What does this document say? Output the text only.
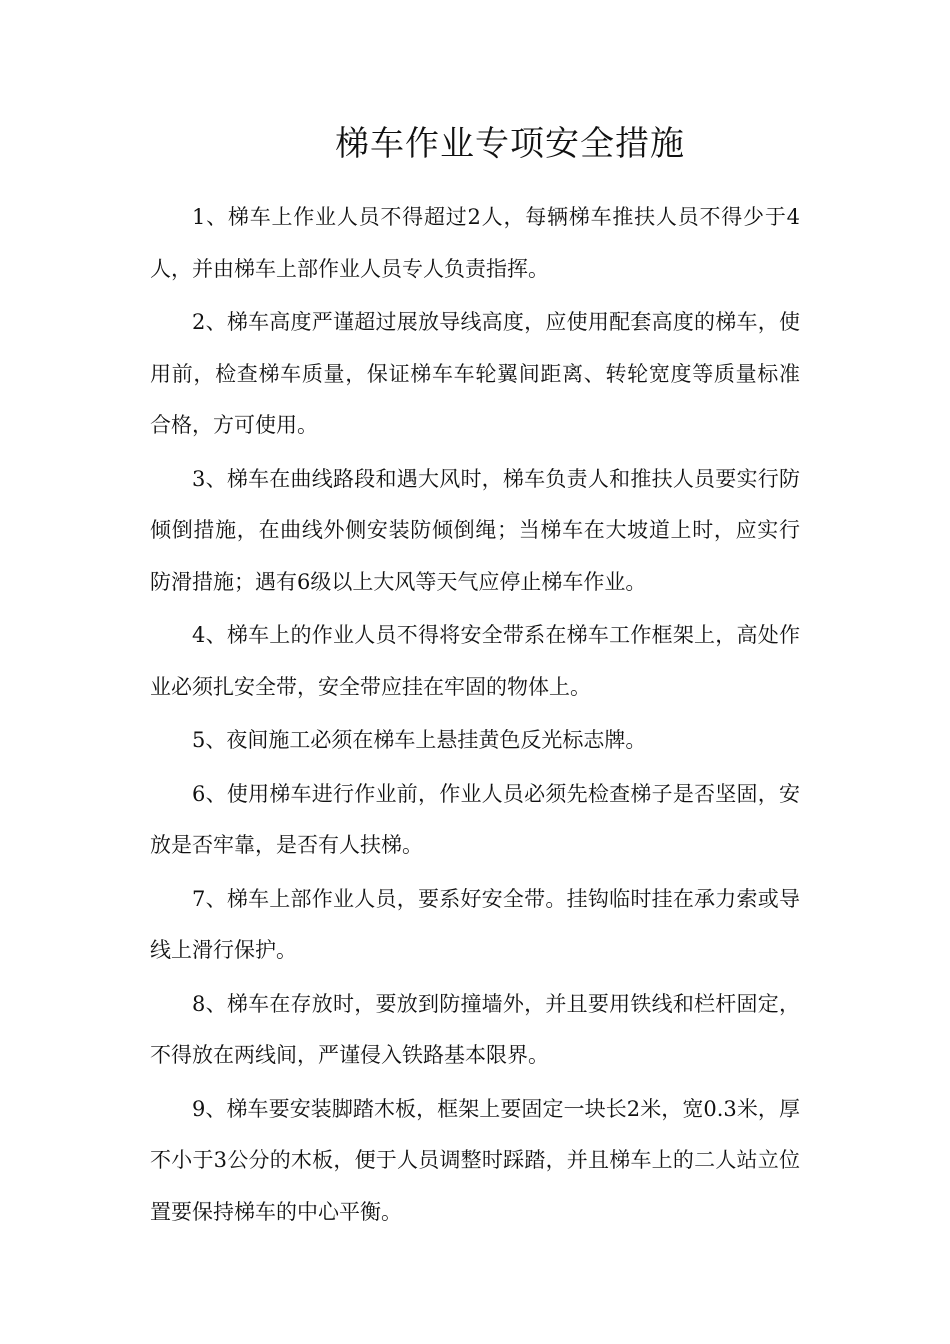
梯车作业专项安全措施

1、梯车上作业人员不得超过2人，每辆梯车推扶人员不得少于4人，并由梯车上部作业人员专人负责指挥。

2、梯车高度严谨超过展放导线高度，应使用配套高度的梯车，使用前，检查梯车质量，保证梯车车轮翼间距离、转轮宽度等质量标准合格，方可使用。

3、梯车在曲线路段和遇大风时，梯车负责人和推扶人员要实行防倾倒措施，在曲线外侧安装防倾倒绳；当梯车在大坡道上时，应实行防滑措施；遇有6级以上大风等天气应停止梯车作业。

4、梯车上的作业人员不得将安全带系在梯车工作框架上，高处作业必须扎安全带，安全带应挂在牢固的物体上。

5、夜间施工必须在梯车上悬挂黄色反光标志牌。

6、使用梯车进行作业前，作业人员必须先检查梯子是否坚固，安放是否牢靠，是否有人扶梯。

7、梯车上部作业人员，要系好安全带。挂钩临时挂在承力索或导线上滑行保护。

8、梯车在存放时，要放到防撞墙外，并且要用铁线和栏杆固定，不得放在两线间，严谨侵入铁路基本限界。

9、梯车要安装脚踏木板，框架上要固定一块长2米，宽0.3米，厚不小于3公分的木板，便于人员调整时踩踏，并且梯车上的二人站立位置要保持梯车的中心平衡。
